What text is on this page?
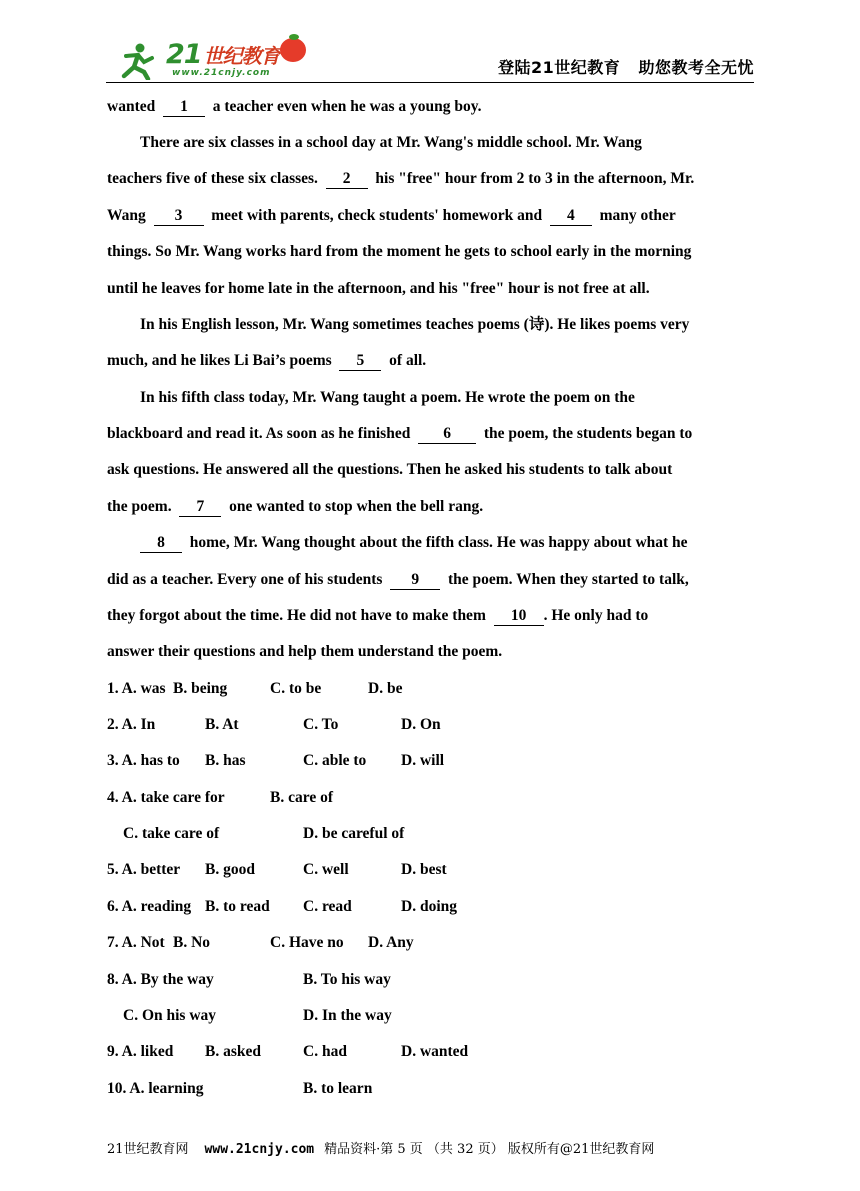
21 世纪教育
www.21cnjy.com	登陆21世纪教育   助您教考全无忧
wanted 1 a teacher even when he was a young boy.
There are six classes in a school day at Mr. Wang's middle school. Mr. Wang
teachers five of these six classes. 2 his "free" hour from 2 to 3 in the afternoon, Mr.
Wang 3 meet with parents, check students' homework and 4 many other
things. So Mr. Wang works hard from the moment he gets to school early in the morning
until he leaves for home late in the afternoon, and his "free" hour is not free at all.
In his English lesson, Mr. Wang sometimes teaches poems (诗). He likes poems very
much, and he likes Li Bai’s poems 5 of all.
In his fifth class today, Mr. Wang taught a poem. He wrote the poem on the
blackboard and read it. As soon as he finished 6 the poem, the students began to
ask questions. He answered all the questions. Then he asked his students to talk about
the poem. 7 one wanted to stop when the bell rang.
8 home, Mr. Wang thought about the fifth class. He was happy about what he
did as a teacher. Every one of his students 9 the poem. When they started to talk,
they forgot about the time. He did not have to make them 10 . He only had to
answer their questions and help them understand the poem.
1. A. was B. being	C. to be	D. be
2. A. In	B. At	C. To	D. On
3. A. has to B. has	C. able to D. will
4. A. take care for	B. care of
C. take care of	D. be careful of
5. A. better B. good	C. well	D. best
6. A. reading B. to read C. read	D. doing
7. A. Not B. No	C. Have no D. Any
8. A. By the way	B. To his way
C. On his way	D. In the way
9. A. liked B. asked	C. had	D. wanted
10. A. learning	B. to learn
21世纪教育网 www.21cnjy.com 精品资料·第 5 页 （共 32 页） 版权所有@21世纪教育网
